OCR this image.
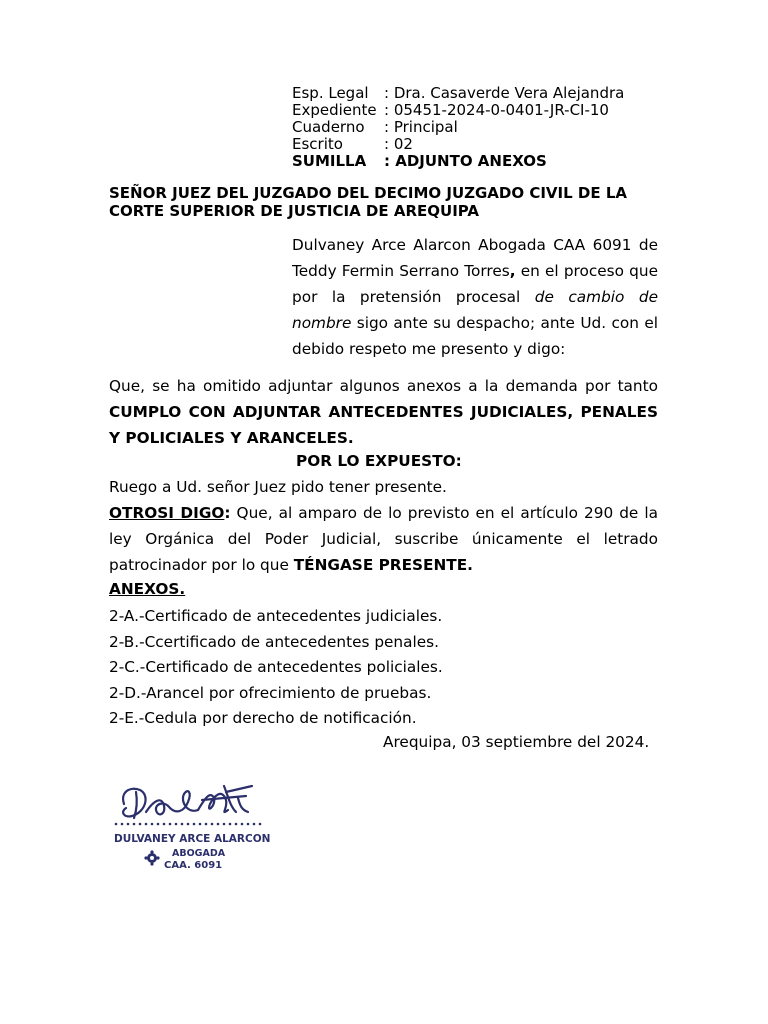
Esp. Legal	: Dra. Casaverde Vera Alejandra
Expediente : 05451-2024-0-0401-JR-CI-10
Cuaderno	: Principal
Escrito	: 02
SUMILLA	: ADJUNTO ANEXOS
SEÑOR JUEZ DEL JUZGADO DEL DECIMO JUZGADO CIVIL DE LA CORTE SUPERIOR DE JUSTICIA DE AREQUIPA
Dulvaney Arce Alarcon Abogada CAA 6091 de Teddy Fermin Serrano Torres, en el proceso que por la pretensión procesal de cambio de nombre sigo ante su despacho; ante Ud. con el debido respeto me presento y digo:
Que, se ha omitido adjuntar algunos anexos a la demanda por tanto CUMPLO CON ADJUNTAR ANTECEDENTES JUDICIALES, PENALES Y POLICIALES Y ARANCELES.
POR LO EXPUESTO:
Ruego a Ud. señor Juez pido tener presente.
OTROSI DIGO: Que, al amparo de lo previsto en el artículo 290 de la ley Orgánica del Poder Judicial, suscribe únicamente el letrado patrocinador por lo que TÉNGASE PRESENTE.
ANEXOS.
2-A.-Certificado de antecedentes judiciales.
2-B.-Ccertificado de antecedentes penales.
2-C.-Certificado de antecedentes policiales.
2-D.-Arancel por ofrecimiento de pruebas.
2-E.-Cedula por derecho de notificación.
Arequipa, 03 septiembre del 2024.
DULVANEY ARCE ALARCON
ABOGADA
CAA. 6091
